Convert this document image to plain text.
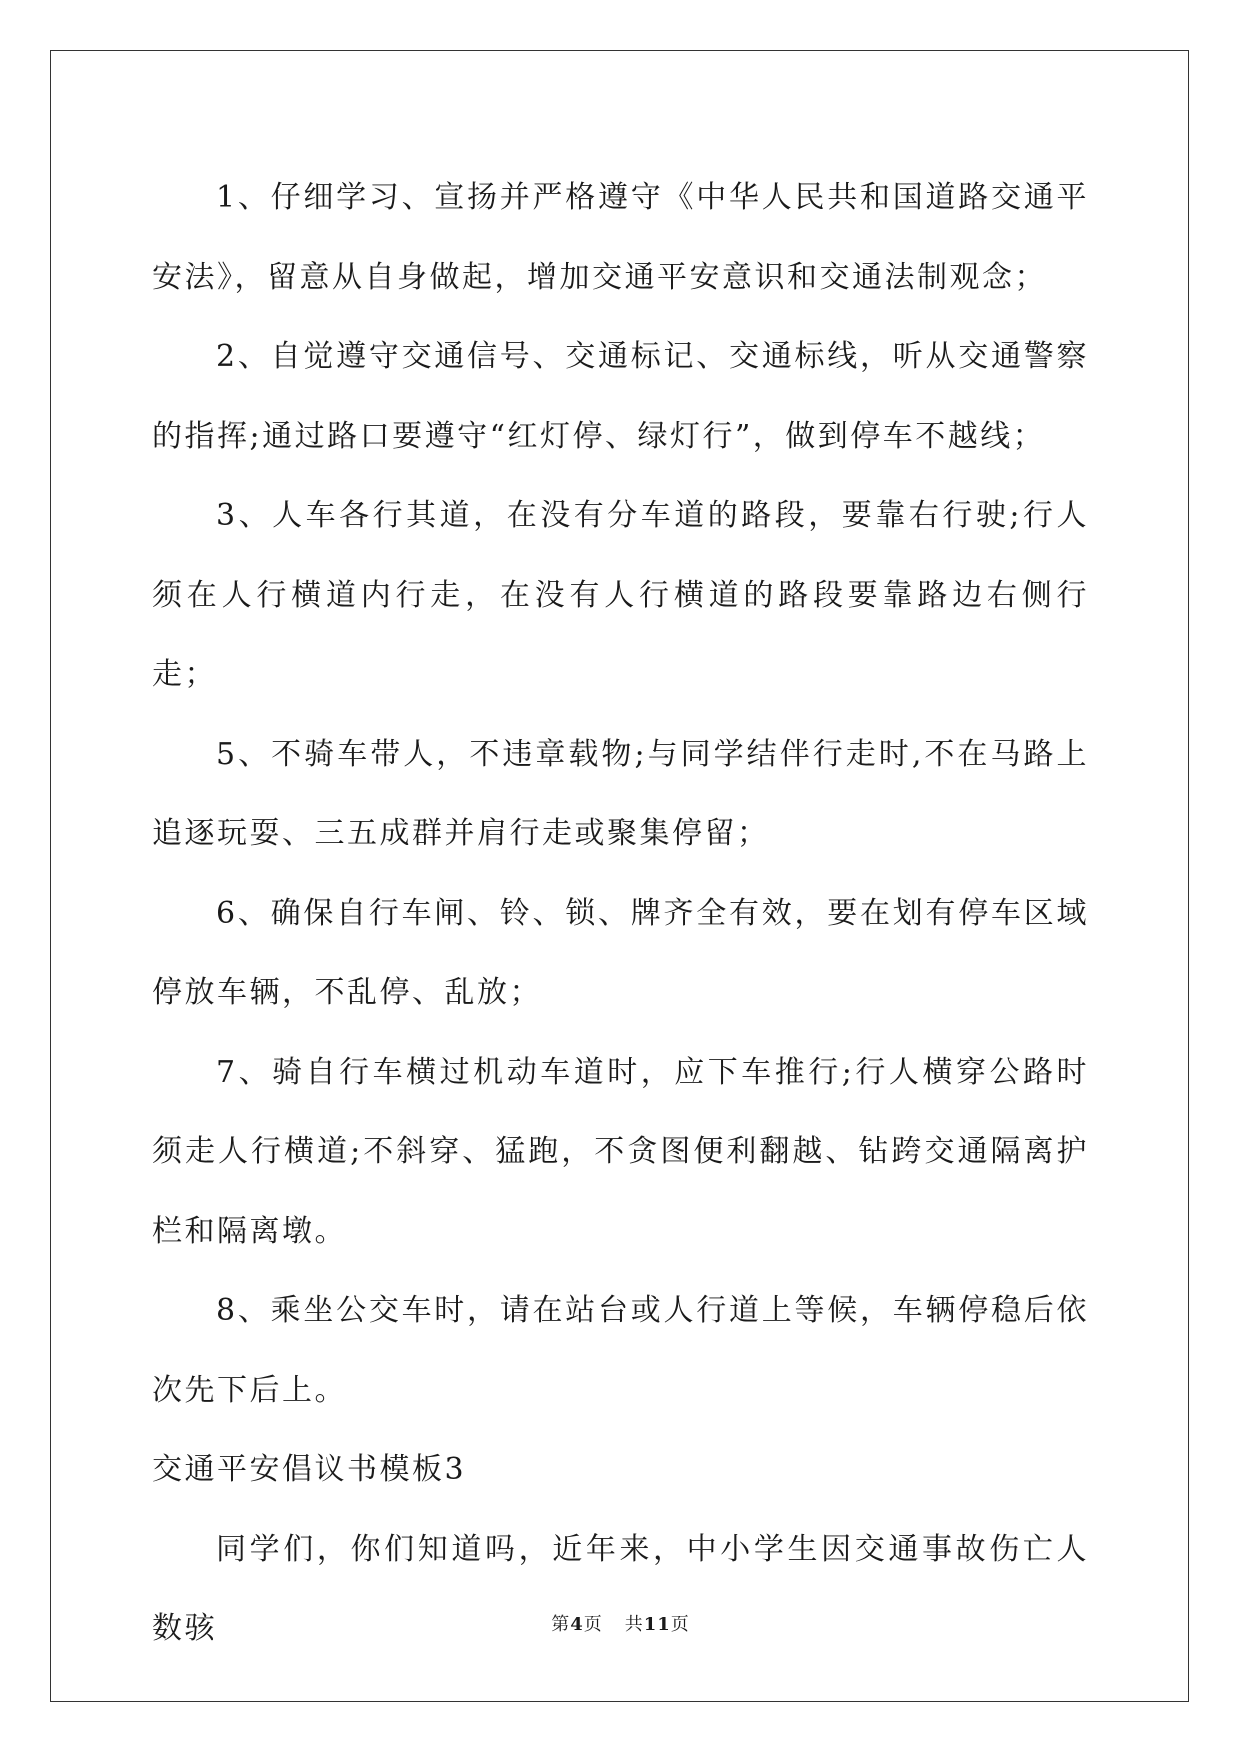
1、仔细学习、宣扬并严格遵守《中华人民共和国道路交通平安法》，留意从自身做起，增加交通平安意识和交通法制观念；

2、自觉遵守交通信号、交通标记、交通标线，听从交通警察的指挥;通过路口要遵守“红灯停、绿灯行”，做到停车不越线；

3、人车各行其道，在没有分车道的路段，要靠右行驶;行人须在人行横道内行走，在没有人行横道的路段要靠路边右侧行走；

5、不骑车带人，不违章载物;与同学结伴行走时,不在马路上追逐玩耍、三五成群并肩行走或聚集停留；

6、确保自行车闸、铃、锁、牌齐全有效，要在划有停车区域停放车辆，不乱停、乱放；

7、骑自行车横过机动车道时，应下车推行;行人横穿公路时须走人行横道;不斜穿、猛跑，不贪图便利翻越、钻跨交通隔离护栏和隔离墩。

8、乘坐公交车时，请在站台或人行道上等候，车辆停稳后依次先下后上。

交通平安倡议书模板3

同学们，你们知道吗，近年来，中小学生因交通事故伤亡人数骇	第4页 共11页
